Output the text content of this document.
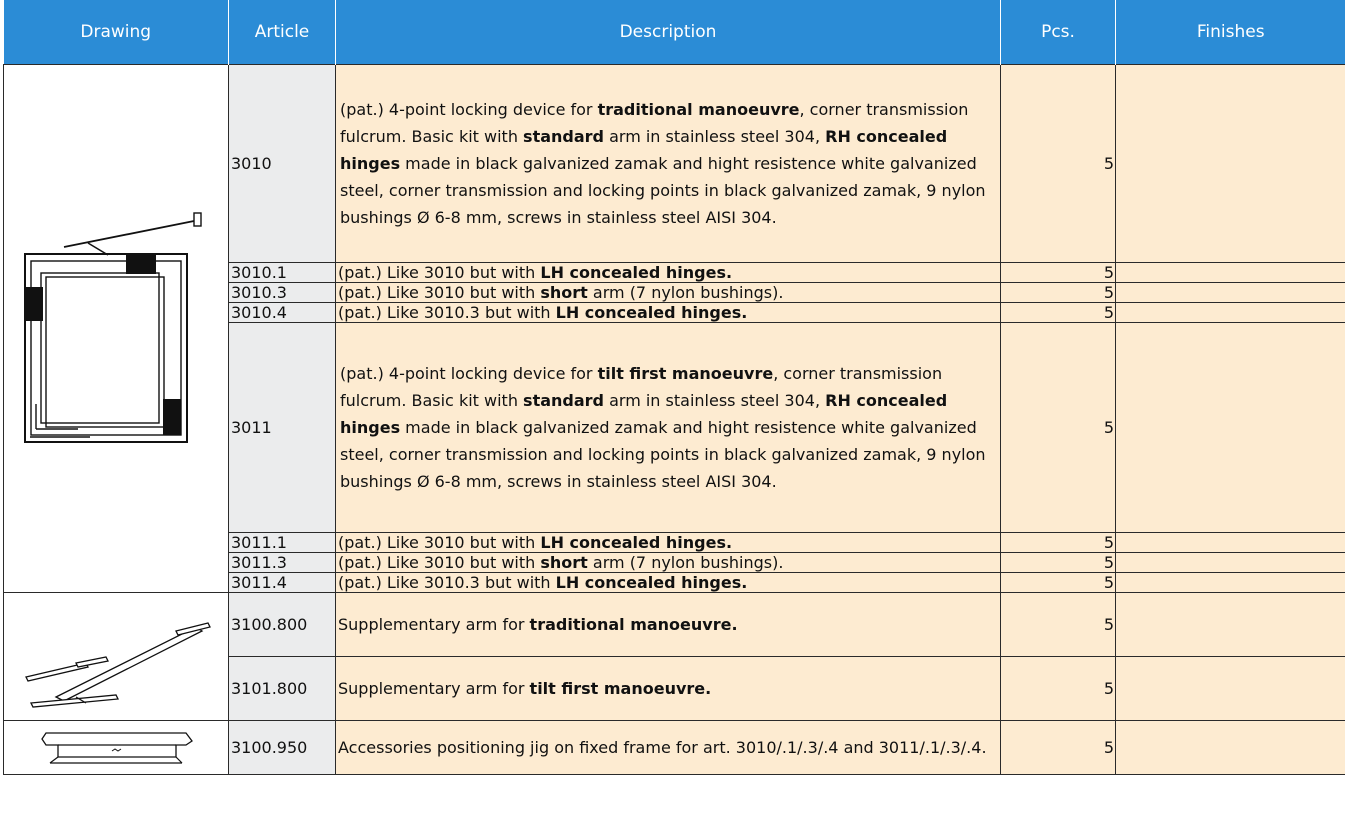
Drawing	Article	Description	Pcs.	Finishes

	3010	(pat.) 4-point locking device for traditional manoeuvre, corner transmission fulcrum. Basic kit with standard arm in stainless steel 304, RH concealed hinges made in black galvanized zamak and hight resistence white galvanized steel, corner transmission and locking points in black galvanized zamak, 9 nylon bushings Ø 6-8 mm, screws in stainless steel AISI 304.	5	
	3010.1	(pat.) Like 3010 but with LH concealed hinges.	5	
	3010.3	(pat.) Like 3010 but with short arm (7 nylon bushings).	5	
	3010.4	(pat.) Like 3010.3 but with LH concealed hinges.	5	
	3011	(pat.) 4-point locking device for tilt first manoeuvre, corner transmission fulcrum. Basic kit with standard arm in stainless steel 304, RH concealed hinges made in black galvanized zamak and hight resistence white galvanized steel, corner transmission and locking points in black galvanized zamak, 9 nylon bushings Ø 6-8 mm, screws in stainless steel AISI 304.	5	
	3011.1	(pat.) Like 3010 but with LH concealed hinges.	5	
	3011.3	(pat.) Like 3010 but with short arm (7 nylon bushings).	5	
	3011.4	(pat.) Like 3010.3 but with LH concealed hinges.	5	

	3100.800	Supplementary arm for traditional manoeuvre.	5	
	3101.800	Supplementary arm for tilt first manoeuvre.	5	

	3100.950	Accessories positioning jig on fixed frame for art. 3010/.1/.3/.4 and 3011/.1/.3/.4.	5	
